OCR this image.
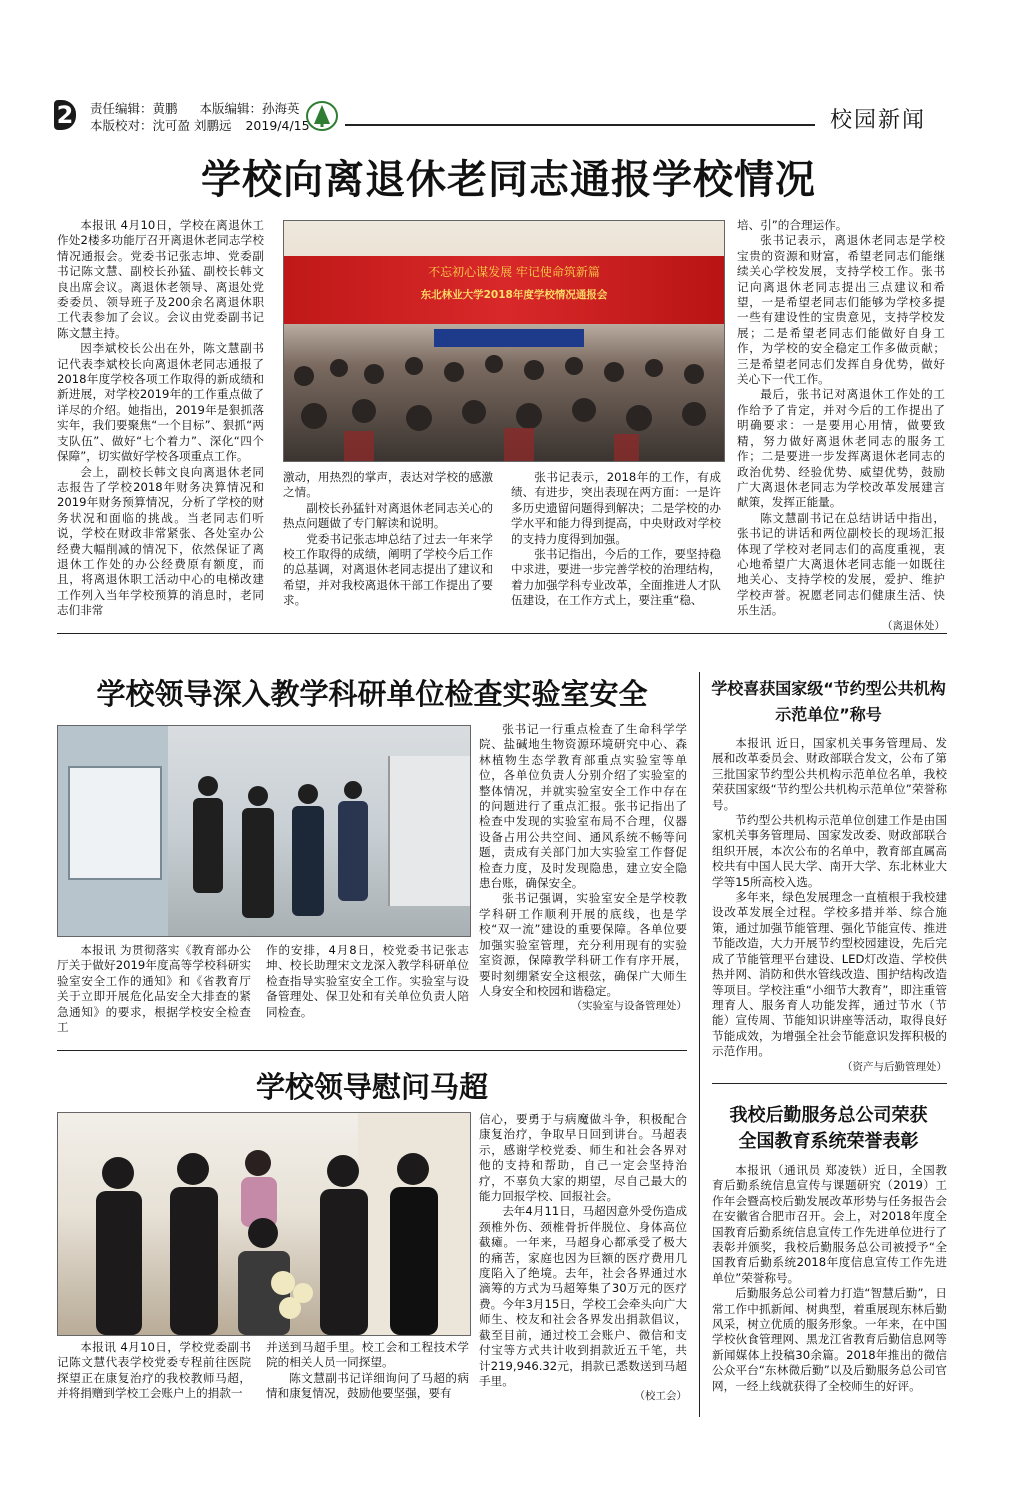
2 责任编辑：黄鹏 本版编辑：孙海英
本版校对：沈可盈 刘鹏远 2019/4/15	校园新闻
学校向离退休老同志通报学校情况
不忘初心谋发展 牢记使命筑新篇
东北林业大学2018年度学校情况通报会

本报讯 4月10日，学校在离退休工作处2楼多功能厅召开离退休老同志学校情况通报会。党委书记张志坤、党委副书记陈文慧、副校长孙猛、副校长韩文良出席会议。离退休老领导、离退处党委委员、领导班子及200余名离退休职工代表参加了会议。会议由党委副书记陈文慧主持。

因李斌校长公出在外，陈文慧副书记代表李斌校长向离退休老同志通报了2018年度学校各项工作取得的新成绩和新进展，对学校2019年的工作重点做了详尽的介绍。她指出，2019年是狠抓落实年，我们要聚焦“一个目标”、狠抓“两支队伍”、做好“七个着力”、深化“四个保障”，切实做好学校各项重点工作。

会上，副校长韩文良向离退休老同志报告了学校2018年财务决算情况和2019年财务预算情况，分析了学校的财务状况和面临的挑战。当老同志们听说，学校在财政非常紧张、各处室办公经费大幅削减的情况下，依然保证了离退休工作处的办公经费原有额度，而且，将离退休职工活动中心的电梯改建工作列入当年学校预算的消息时，老同志们非常

激动，用热烈的掌声，表达对学校的感激之情。

副校长孙猛针对离退休老同志关心的热点问题做了专门解读和说明。

党委书记张志坤总结了过去一年来学校工作取得的成绩，阐明了学校今后工作的总基调，对离退休老同志提出了建议和希望，并对我校离退休干部工作提出了要求。

张书记表示，2018年的工作，有成绩、有进步，突出表现在两方面：一是许多历史遗留问题得到解决；二是学校的办学水平和能力得到提高，中央财政对学校的支持力度得到加强。

张书记指出，今后的工作，要坚持稳中求进，要进一步完善学校的治理结构，着力加强学科专业改革，全面推进人才队伍建设，在工作方式上，要注重“稳、

培、引”的合理运作。

张书记表示，离退休老同志是学校宝贵的资源和财富，希望老同志们能继续关心学校发展，支持学校工作。张书记向离退休老同志提出三点建议和希望，一是希望老同志们能够为学校多提一些有建设性的宝贵意见，支持学校发展；二是希望老同志们能做好自身工作，为学校的安全稳定工作多做贡献；三是希望老同志们发挥自身优势，做好关心下一代工作。

最后，张书记对离退休工作处的工作给予了肯定，并对今后的工作提出了明确要求：一是要用心用情，做要致精，努力做好离退休老同志的服务工作；二是要进一步发挥离退休老同志的政治优势、经验优势、威望优势，鼓励广大离退休老同志为学校改革发展建言献策，发挥正能量。

陈文慧副书记在总结讲话中指出，张书记的讲话和两位副校长的现场汇报体现了学校对老同志们的高度重视，衷心地希望广大离退休老同志能一如既往地关心、支持学校的发展，爱护、维护学校声誉。祝愿老同志们健康生活、快乐生活。

（离退休处）
学校领导深入教学科研单位检查实验室安全

本报讯 为贯彻落实《教育部办公厅关于做好2019年度高等学校科研实验室安全工作的通知》和《省教育厅关于立即开展危化品安全大排查的紧急通知》的要求，根据学校安全检查工

作的安排，4月8日，校党委书记张志坤、校长助理宋文龙深入教学科研单位检查指导实验室安全工作。实验室与设备管理处、保卫处和有关单位负责人陪同检查。

张书记一行重点检查了生命科学学院、盐碱地生物资源环境研究中心、森林植物生态学教育部重点实验室等单位，各单位负责人分别介绍了实验室的整体情况，并就实验室安全工作中存在的问题进行了重点汇报。张书记指出了检查中发现的实验室布局不合理，仪器设备占用公共空间、通风系统不畅等问题，责成有关部门加大实验室工作督促检查力度，及时发现隐患，建立安全隐患台账，确保安全。

张书记强调，实验室安全是学校教学科研工作顺利开展的底线，也是学校“双一流”建设的重要保障。各单位要加强实验室管理，充分利用现有的实验室资源，保障教学科研工作有序开展，要时刻绷紧安全这根弦，确保广大师生人身安全和校园和谐稳定。

（实验室与设备管理处）
学校领导慰问马超

本报讯 4月10日，学校党委副书记陈文慧代表学校党委专程前往医院探望正在康复治疗的我校教师马超，并将捐赠到学校工会账户上的捐款一

并送到马超手里。校工会和工程技术学院的相关人员一同探望。

陈文慧副书记详细询问了马超的病情和康复情况，鼓励他要坚强，要有

信心，要勇于与病魔做斗争，积极配合康复治疗，争取早日回到讲台。马超表示，感谢学校党委、师生和社会各界对他的支持和帮助，自己一定会坚持治疗，不辜负大家的期望，尽自己最大的能力回报学校、回报社会。

去年4月11日，马超因意外受伤造成颈椎外伤、颈椎骨折伴脱位、身体高位截瘫。一年来，马超身心都承受了极大的痛苦，家庭也因为巨额的医疗费用几度陷入了绝境。去年，社会各界通过水滴筹的方式为马超筹集了30万元的医疗费。今年3月15日，学校工会牵头向广大师生、校友和社会各界发出捐款倡议，截至目前，通过校工会账户、微信和支付宝等方式共计收到捐款近五千笔，共计219,946.32元，捐款已悉数送到马超手里。

（校工会）
学校喜获国家级“节约型公共机构
示范单位”称号

本报讯 近日，国家机关事务管理局、发展和改革委员会、财政部联合发文，公布了第三批国家节约型公共机构示范单位名单，我校荣获国家级“节约型公共机构示范单位”荣誉称号。

节约型公共机构示范单位创建工作是由国家机关事务管理局、国家发改委、财政部联合组织开展，本次公布的名单中，教育部直属高校共有中国人民大学、南开大学、东北林业大学等15所高校入选。

多年来，绿色发展理念一直植根于我校建设改革发展全过程。学校多措并举、综合施策，通过加强节能管理、强化节能宣传、推进节能改造，大力开展节约型校园建设，先后完成了节能管理平台建设、LED灯改造、学校供热并网、消防和供水管线改造、围护结构改造等项目。学校注重“小细节大教育”，即注重管理育人、服务育人功能发挥，通过节水（节能）宣传周、节能知识讲座等活动，取得良好节能成效，为增强全社会节能意识发挥积极的示范作用。

（资产与后勤管理处）
我校后勤服务总公司荣获
全国教育系统荣誉表彰

本报讯（通讯员 郑凌铁）近日，全国教育后勤系统信息宣传与课题研究（2019）工作年会暨高校后勤发展改革形势与任务报告会在安徽省合肥市召开。会上，对2018年度全国教育后勤系统信息宣传工作先进单位进行了表彰并颁奖，我校后勤服务总公司被授予“全国教育后勤系统2018年度信息宣传工作先进单位”荣誉称号。

后勤服务总公司着力打造“智慧后勤”，日常工作中抓新闻、树典型，着重展现东林后勤风采，树立优质的服务形象。一年来，在中国学校伙食管理网、黑龙江省教育后勤信息网等新闻媒体上投稿30余篇。2018年推出的微信公众平台“东林微后勤”以及后勤服务总公司官网，一经上线就获得了全校师生的好评。
